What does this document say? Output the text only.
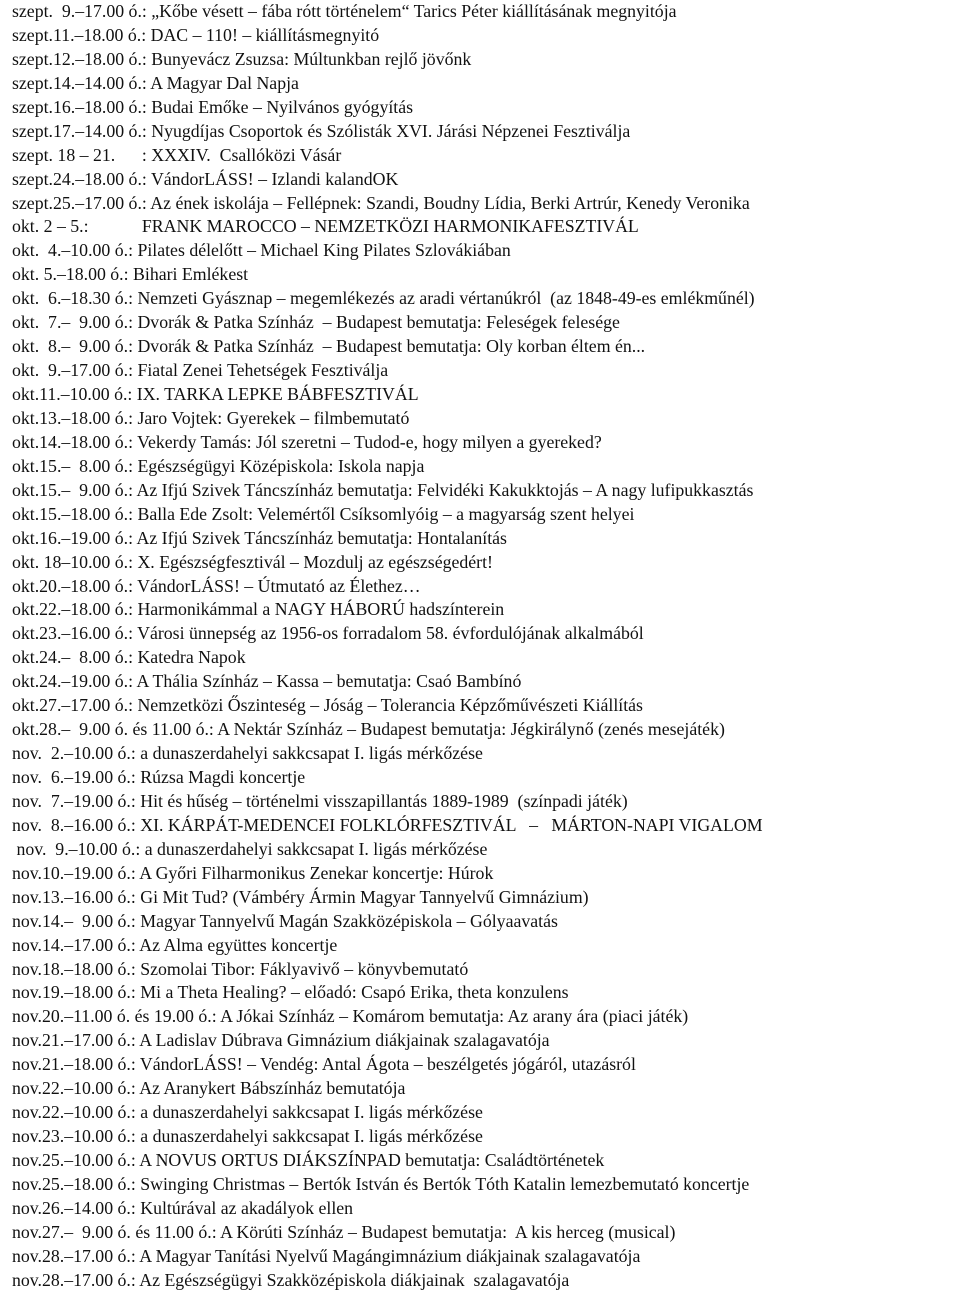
szept.  9.–17.00 ó.: „Kőbe vésett – fába rótt történelem“ Tarics Péter kiállításának megnyitója
szept.11.–18.00 ó.: DAC – 110! – kiállításmegnyitó
szept.12.–18.00 ó.: Bunyevácz Zsuzsa: Múltunkban rejlő jövőnk
szept.14.–14.00 ó.: A Magyar Dal Napja
szept.16.–18.00 ó.: Budai Emőke – Nyilvános gyógyítás
szept.17.–14.00 ó.: Nyugdíjas Csoportok és Szólisták XVI. Járási Népzenei Fesztiválja
szept. 18 – 21.      : XXXIV.  Csallóközi Vásár
szept.24.–18.00 ó.: VándorLÁSS! – Izlandi kalandOK
szept.25.–17.00 ó.: Az ének iskolája – Fellépnek: Szandi, Boudny Lídia, Berki Artrúr, Kenedy Veronika
okt. 2 – 5.:            FRANK MAROCCO – NEMZETKÖZI HARMONIKAFESZTIVÁL
okt.  4.–10.00 ó.: Pilates délelőtt – Michael King Pilates Szlovákiában
okt. 5.–18.00 ó.: Bihari Emlékest
okt.  6.–18.30 ó.: Nemzeti Gyásznap – megemlékezés az aradi vértanúkról  (az 1848-49-es emlékműnél)
okt.  7.–  9.00 ó.: Dvorák & Patka Színház  – Budapest bemutatja: Feleségek felesége
okt.  8.–  9.00 ó.: Dvorák & Patka Színház  – Budapest bemutatja: Oly korban éltem én...
okt.  9.–17.00 ó.: Fiatal Zenei Tehetségek Fesztiválja
okt.11.–10.00 ó.: IX. TARKA LEPKE BÁBFESZTIVÁL
okt.13.–18.00 ó.: Jaro Vojtek: Gyerekek – filmbemutató
okt.14.–18.00 ó.: Vekerdy Tamás: Jól szeretni – Tudod-e, hogy milyen a gyereked?
okt.15.–  8.00 ó.: Egészségügyi Középiskola: Iskola napja
okt.15.–  9.00 ó.: Az Ifjú Szivek Táncszínház bemutatja: Felvidéki Kakukktojás – A nagy lufipukkasztás
okt.15.–18.00 ó.: Balla Ede Zsolt: Velemértől Csíksomlyóig – a magyarság szent helyei
okt.16.–19.00 ó.: Az Ifjú Szivek Táncszínház bemutatja: Hontalanítás
okt. 18–10.00 ó.: X. Egészségfesztivál – Mozdulj az egészségedért!
okt.20.–18.00 ó.: VándorLÁSS! – Útmutató az Élethez…
okt.22.–18.00 ó.: Harmonikámmal a NAGY HÁBORÚ hadszínterein
okt.23.–16.00 ó.: Városi ünnepség az 1956-os forradalom 58. évfordulójának alkalmából
okt.24.–  8.00 ó.: Katedra Napok
okt.24.–19.00 ó.: A Thália Színház – Kassa – bemutatja: Csaó Bambínó
okt.27.–17.00 ó.: Nemzetközi Őszinteség – Jóság – Tolerancia Képzőművészeti Kiállítás
okt.28.–  9.00 ó. és 11.00 ó.: A Nektár Színház – Budapest bemutatja: Jégkirálynő (zenés mesejáték)
nov.  2.–10.00 ó.: a dunaszerdahelyi sakkcsapat I. ligás mérkőzése
nov.  6.–19.00 ó.: Rúzsa Magdi koncertje
nov.  7.–19.00 ó.: Hit és hűség – történelmi visszapillantás 1889-1989  (színpadi játék)
nov.  8.–16.00 ó.: XI. KÁRPÁT-MEDENCEI FOLKLÓRFESZTIVÁL   –   MÁRTON-NAPI VIGALOM
nov.  9.–10.00 ó.: a dunaszerdahelyi sakkcsapat I. ligás mérkőzése
nov.10.–19.00 ó.: A Győri Filharmonikus Zenekar koncertje: Húrok
nov.13.–16.00 ó.: Gi Mit Tud? (Vámbéry Ármin Magyar Tannyelvű Gimnázium)
nov.14.–  9.00 ó.: Magyar Tannyelvű Magán Szakközépiskola – Gólyaavatás
nov.14.–17.00 ó.: Az Alma együttes koncertje
nov.18.–18.00 ó.: Szomolai Tibor: Fáklyavivő – könyvbemutató
nov.19.–18.00 ó.: Mi a Theta Healing? – előadó: Csapó Erika, theta konzulens
nov.20.–11.00 ó. és 19.00 ó.: A Jókai Színház – Komárom bemutatja: Az arany ára (piaci játék)
nov.21.–17.00 ó.: A Ladislav Dúbrava Gimnázium diákjainak szalagavatója
nov.21.–18.00 ó.: VándorLÁSS! – Vendég: Antal Ágota – beszélgetés jógáról, utazásról
nov.22.–10.00 ó.: Az Aranykert Bábszínház bemutatója
nov.22.–10.00 ó.: a dunaszerdahelyi sakkcsapat I. ligás mérkőzése
nov.23.–10.00 ó.: a dunaszerdahelyi sakkcsapat I. ligás mérkőzése
nov.25.–10.00 ó.: A NOVUS ORTUS DIÁKSZÍNPAD bemutatja: Családtörténetek
nov.25.–18.00 ó.: Swinging Christmas – Bertók István és Bertók Tóth Katalin lemezbemutató koncertje
nov.26.–14.00 ó.: Kultúrával az akadályok ellen
nov.27.–  9.00 ó. és 11.00 ó.: A Körúti Színház – Budapest bemutatja:  A kis herceg (musical)
nov.28.–17.00 ó.: A Magyar Tanítási Nyelvű Magángimnázium diákjainak szalagavatója
nov.28.–17.00 ó.: Az Egészségügyi Szakközépiskola diákjainak  szalagavatója
